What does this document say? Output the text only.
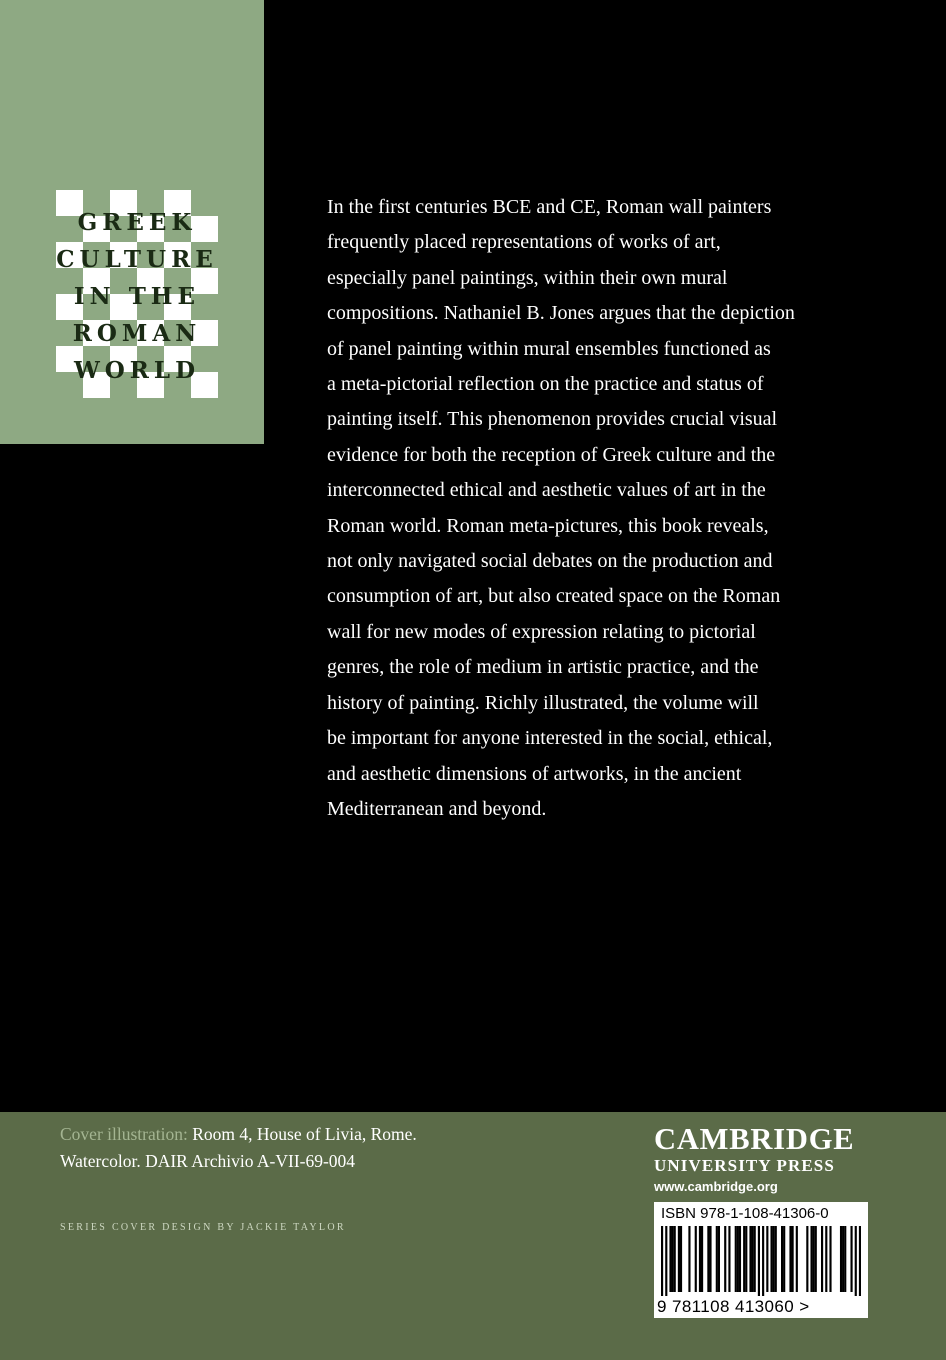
GREEK
CULTURE
IN THE
ROMAN
WORLD
In the first centuries BCE and CE, Roman wall painters
frequently placed representations of works of art,
especially panel paintings, within their own mural
compositions. Nathaniel B. Jones argues that the depiction
of panel painting within mural ensembles functioned as
a meta-pictorial reflection on the practice and status of
painting itself. This phenomenon provides crucial visual
evidence for both the reception of Greek culture and the
interconnected ethical and aesthetic values of art in the
Roman world. Roman meta-pictures, this book reveals,
not only navigated social debates on the production and
consumption of art, but also created space on the Roman
wall for new modes of expression relating to pictorial
genres, the role of medium in artistic practice, and the
history of painting. Richly illustrated, the volume will
be important for anyone interested in the social, ethical,
and aesthetic dimensions of artworks, in the ancient
Mediterranean and beyond.
Cover illustration: Room 4, House of Livia, Rome.
Watercolor. DAIR Archivio A-VII-69-004
SERIES COVER DESIGN BY JACKIE TAYLOR
CAMBRIDGE
UNIVERSITY PRESS
www.cambridge.org
ISBN 978-1-108-41306-0
9 781108 413060 >
